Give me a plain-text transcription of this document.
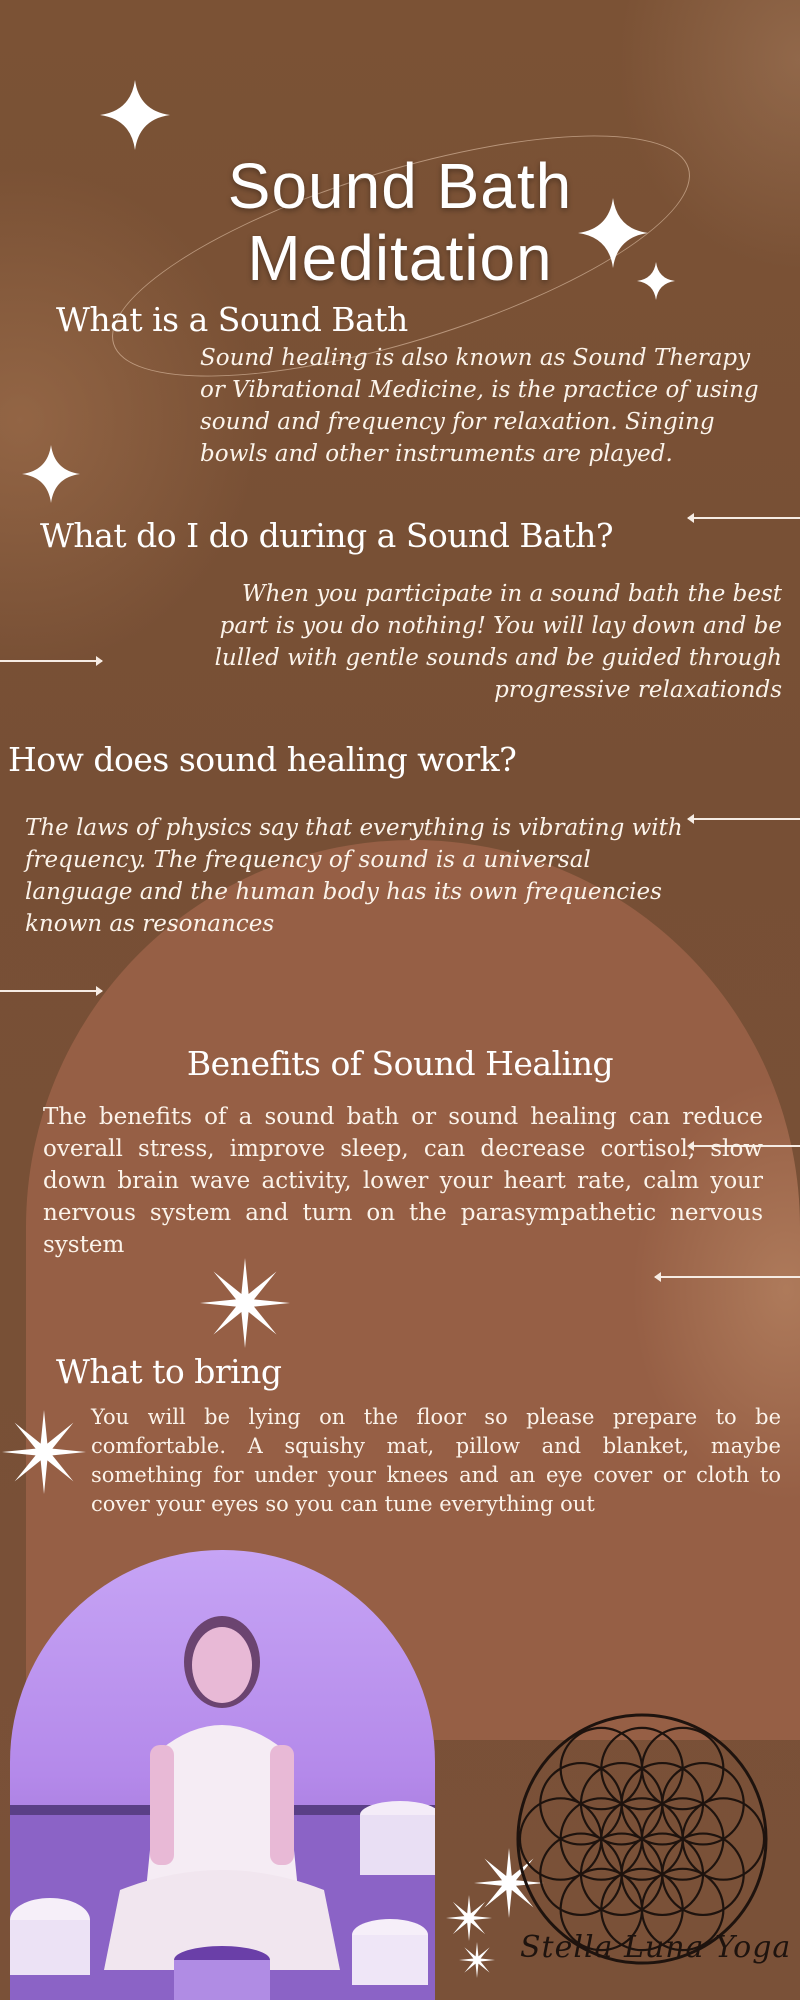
Sound Bath
Meditation
What is a Sound Bath

Sound healing is also known as Sound Therapy or Vibrational Medicine, is the practice of using sound and frequency for relaxation. Singing bowls and other instruments are played.

What do I do during a Sound Bath?

When you participate in a sound bath the best part is you do nothing! You will lay down and be lulled with gentle sounds and be guided through progressive relaxationds

How does sound healing work?

The laws of physics say that everything is vibrating with frequency. The frequency of sound is a universal language and the human body has its own frequencies known as resonances

Benefits of Sound Healing

The benefits of a sound bath or sound healing can reduce overall stress, improve sleep, can decrease cortisol, slow down brain wave activity, lower your heart rate, calm your nervous system and turn on the parasympathetic nervous system

What to bring

You will be lying on the floor so please prepare to be comfortable. A squishy mat, pillow and blanket, maybe something for under your knees and an eye cover or cloth to cover your eyes so you can tune everything out

Stella Luna Yoga
